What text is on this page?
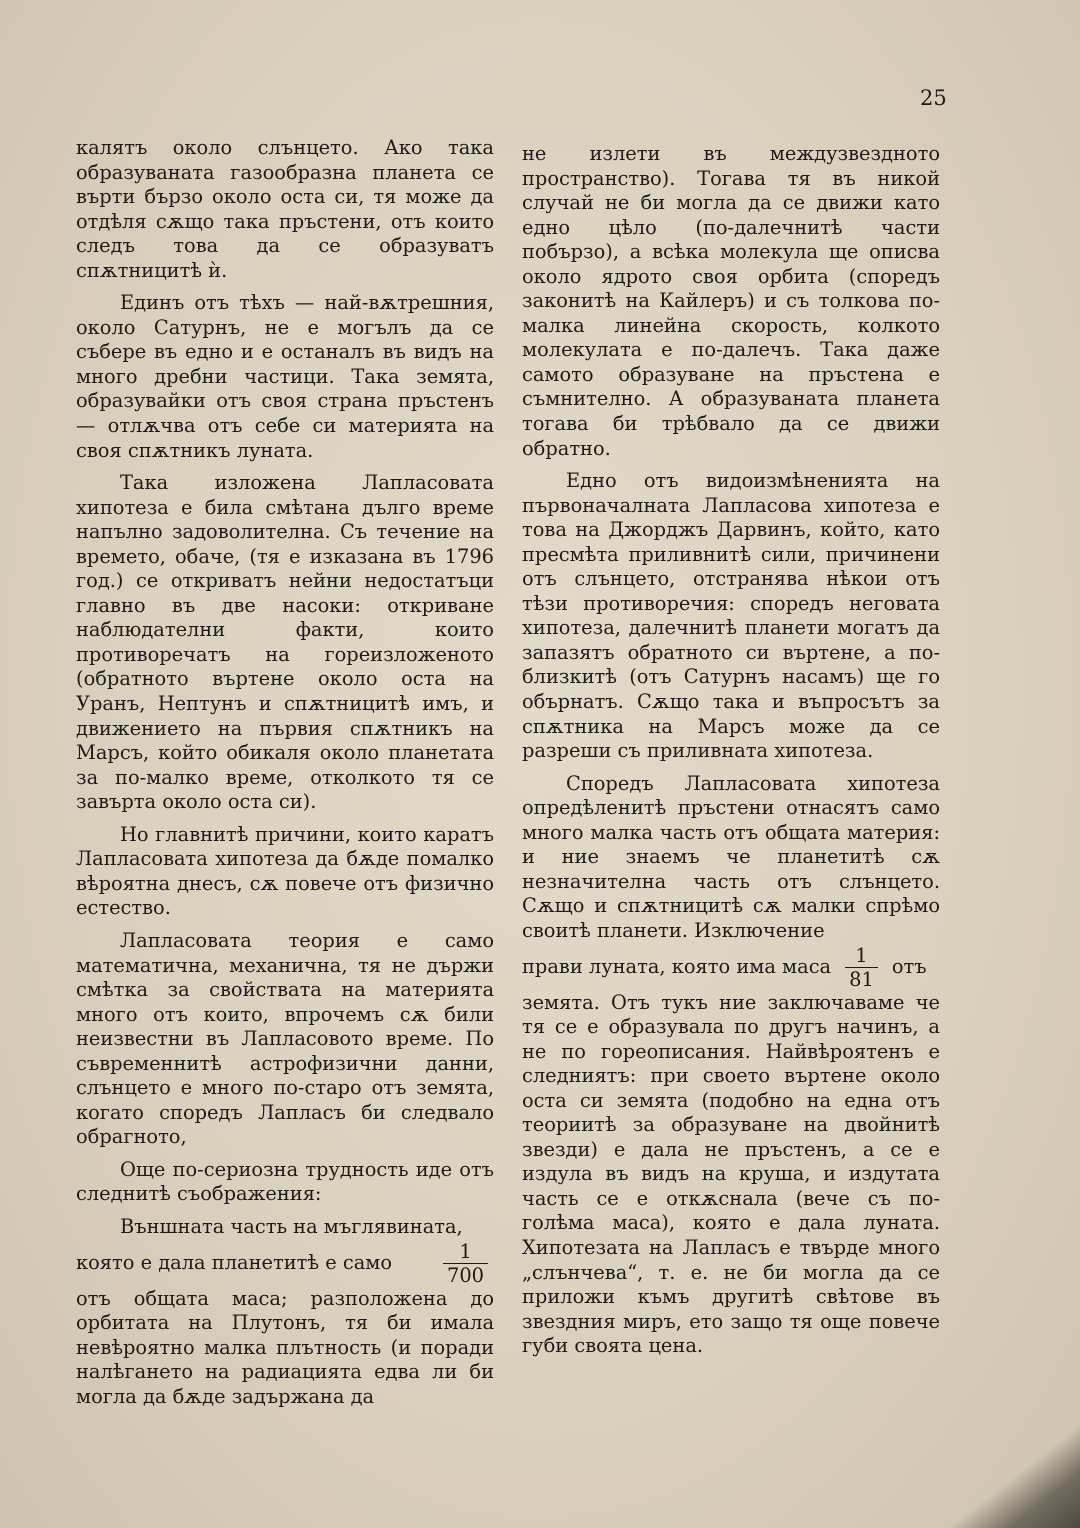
25

калятъ около слънцето. Ако така образуваната газообразна планета се върти бързо около оста си, тя може да отдѣля сѫщо така пръстени, отъ които следъ това да се образуватъ спѫтницитѣ ѝ.

Единъ отъ тѣхъ — най-вѫтрешния, около Сатурнъ, не е могълъ да се събере въ едно и е останалъ въ видъ на много дребни частици. Така земята, образувайки отъ своя страна пръстенъ — отлѫчва отъ себе си материята на своя спѫтникъ луната.

Така изложена Лапласовата хипотеза е била смѣтана дълго време напълно задоволителна. Съ течение на времето, обаче, (тя е изказана въ 1796 год.) се откриватъ нейни недостатъци главно въ две насоки: откриване наблюдателни факти, които противоречатъ на гореизложеното (обратното въртене около оста на Уранъ, Нептунъ и спѫтницитѣ имъ, и движението на първия спѫтникъ на Марсъ, който обикаля около планетата за по-малко време, отколкото тя се завърта около оста си).

Но главнитѣ причини, които каратъ Лапласовата хипотеза да бѫде помалко вѣроятна днесъ, сѫ повече отъ физично естество.

Лапласовата теория е само математична, механична, тя не държи смѣтка за свойствата на материята много отъ които, впрочемъ сѫ били неизвестни въ Лапласовото време. По съвременнитѣ астрофизични данни, слънцето е много по-старо отъ земята, когато споредъ Лапласъ би следвало обрагното,

Още по-сериозна трудность иде отъ следнитѣ съображения:

Външната часть на мъглявината,

която е дала планетитѣ е само	$\frac{1}{700}$

отъ общата маса; разположена до орбитата на Плутонъ, тя би имала невѣроятно малка плътность (и поради налѣгането на радиацията едва ли би могла да бѫде задържана да

не излети въ междузвездното пространство). Тогава тя въ никой случай не би могла да се движи като едно цѣло (по-далечнитѣ части побързо), а всѣка молекула ще описва около ядрото своя орбита (споредъ законитѣ на Кайлеръ) и съ толкова по-малка линейна скорость, колкото молекулата е по-далечъ. Така даже самото образуване на пръстена е съмнително. А образуваната планета тогава би трѣбвало да се движи обратно.

Едно отъ видоизмѣненията на първоначалната Лапласова хипотеза е това на Джорджъ Дарвинъ, който, като пресмѣта приливнитѣ сили, причинени отъ слънцето, отстранява нѣкои отъ тѣзи противоречия: споредъ неговата хипотеза, далечнитѣ планети могатъ да запазятъ обратното си въртене, а по-близкитѣ (отъ Сатурнъ насамъ) ще го обърнатъ. Сѫщо така и въпросътъ за спѫтника на Марсъ може да се разреши съ приливната хипотеза.

Споредъ Лапласовата хипотеза опредѣленитѣ пръстени отнасятъ само много малка часть отъ общата материя: и ние знаемъ че планетитѣ сѫ незначителна часть отъ слънцето. Сѫщо и спѫтницитѣ сѫ малки спрѣмо своитѣ планети. Изключение

прави луната, която има маса $\frac{1}{81}$ отъ

земята. Отъ тукъ ние заключаваме че тя се е образувала по другъ начинъ, а не по гореописания. Найвѣроятенъ е следниятъ: при своето въртене около оста си земята (подобно на една отъ теориитѣ за образуване на двойнитѣ звезди) е дала не пръстенъ, а се е издула въ видъ на круша, и издутата часть се е откѫснала (вече съ по-голѣма маса), която е дала луната. Хипотезата на Лапласъ е твърде много „слънчева“, т. е. не би могла да се приложи къмъ другитѣ свѣтове въ звездния миръ, ето защо тя още повече губи своята цена.
